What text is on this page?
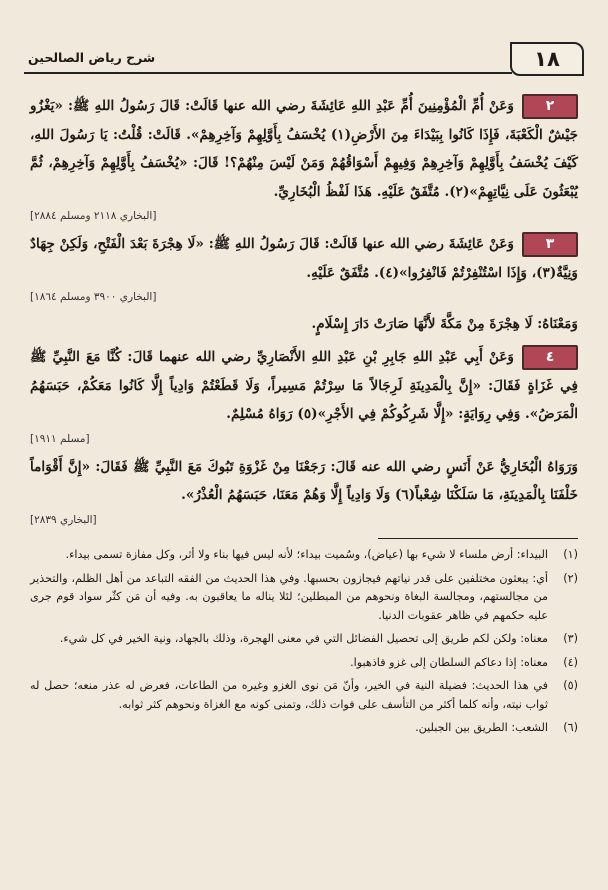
١٨
شرح رياض الصالحين
٢وَعَنْ أُمِّ الْمُؤْمِنِينَ أُمِّ عَبْدِ اللهِ عَائِشَةَ رضي الله عنها قَالَتْ: قَالَ رَسُولُ اللهِ ﷺ: «يَغْزُو جَيْشٌ الْكَعْبَةَ، فَإِذَا كَانُوا بِبَيْدَاءَ مِنَ الأَرْضِ(١) يُخْسَفُ بِأَوَّلِهِمْ وَآخِرِهِمْ». قَالَتْ: قُلْتُ: يَا رَسُولَ اللهِ، كَيْفَ يُخْسَفُ بِأَوَّلِهِمْ وَآخِرِهِمْ وَفِيهِمْ أَسْوَاقُهُمْ وَمَنْ لَيْسَ مِنْهُمْ؟! قَالَ: «يُخْسَفُ بِأَوَّلِهِمْ وَآخِرِهِمْ، ثُمَّ يُبْعَثُونَ عَلَى نِيَّاتِهِمْ»(٢). مُتَّفَقٌ عَلَيْهِ. هَذَا لَفْظُ الْبُخَارِيِّ.
[البخاري ٢١١٨ ومسلم ٢٨٨٤]
٣وَعَنْ عَائِشَةَ رضي الله عنها قَالَتْ: قَالَ رَسُولُ اللهِ ﷺ: «لَا هِجْرَةَ بَعْدَ الْفَتْحِ، وَلَكِنْ جِهَادٌ وَنِيَّةٌ(٣)، وَإِذَا اسْتُنْفِرْتُمْ فَانْفِرُوا»(٤). مُتَّفَقٌ عَلَيْهِ.
[البخاري ٣٩٠٠ ومسلم ١٨٦٤]
وَمَعْنَاهُ: لَا هِجْرَةَ مِنْ مَكَّةَ لأَنَّهَا صَارَتْ دَارَ إِسْلَامٍ.
٤وَعَنْ أَبِي عَبْدِ اللهِ جَابِرِ بْنِ عَبْدِ اللهِ الأَنْصَارِيِّ رضي الله عنهما قَالَ: كُنَّا مَعَ النَّبِيِّ ﷺ فِي غَزَاةٍ فَقَالَ: «إِنَّ بِالْمَدِينَةِ لَرِجَالاً مَا سِرْتُمْ مَسِيراً، وَلَا قَطَعْتُمْ وَادِياً إِلَّا كَانُوا مَعَكُمْ، حَبَسَهُمُ الْمَرَضُ». وَفِي رِوَايَةٍ: «إِلَّا شَرِكُوكُمْ فِي الأَجْرِ»(٥) رَوَاهُ مُسْلِمٌ.
[مسلم ١٩١١]
وَرَوَاهُ الْبُخَارِيُّ عَنْ أَنَسٍ رضي الله عنه قَالَ: رَجَعْنَا مِنْ غَزْوَةِ تَبُوكَ مَعَ النَّبِيِّ ﷺ فَقَالَ: «إِنَّ أَقْوَاماً خَلْفَنَا بِالْمَدِينَةِ، مَا سَلَكْنَا شِعْباً(٦) وَلَا وَادِياً إِلَّا وَهُمْ مَعَنَا، حَبَسَهُمُ الْعُذْرُ».
[البخاري ٢٨٣٩]
(١)
البيداء: أرض ملساء لا شيء بها (عياض)، وسُميت بيداء؛ لأنه ليس فيها بناء ولا أثر، وكل مفازة تسمى بيداء.
(٢)
أي: يبعثون مختلفين على قدر نياتهم فيجازون بحسبها. وفي هذا الحديث من الفقه التباعد من أهل الظلم، والتحذير من مجالستهم، ومجالسة البغاة ونحوهم من المبطلين؛ لئلا يناله ما يعاقبون به. وفيه أن مَن كثّر سواد قوم جرى عليه حكمهم في ظاهر عقوبات الدنيا.
(٣)
معناه: ولكن لكم طريق إلى تحصيل الفضائل التي في معنى الهجرة، وذلك بالجهاد، ونية الخير في كل شيء.
(٤)
معناه: إذا دعاكم السلطان إلى غزو فاذهبوا.
(٥)
في هذا الحديث: فضيلة النية في الخير، وأنّ مَن نوى الغزو وغيره من الطاعات، فعرض له عذر منعه؛ حصل له ثواب نيته، وأنه كلما أكثر من التأسف على فوات ذلك، وتمنى كونه مع الغزاة ونحوهم كثر ثوابه.
(٦)
الشعب: الطريق بين الجبلين.
